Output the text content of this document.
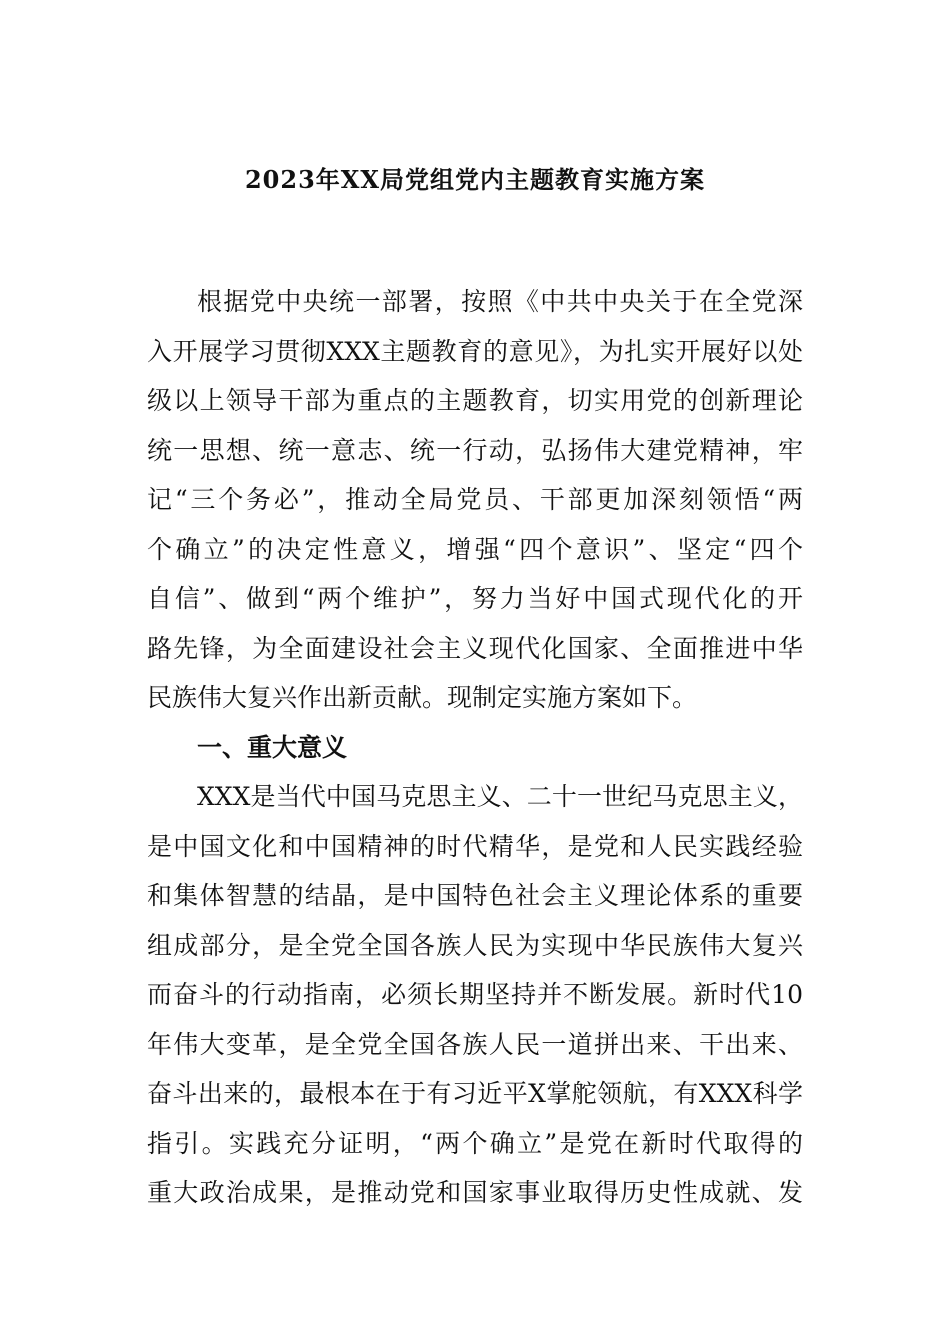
2023年XX局党组党内主题教育实施方案
根据党中央统一部署，按照《中共中央关于在全党深
入开展学习贯彻XXX主题教育的意见》，为扎实开展好以处
级以上领导干部为重点的主题教育，切实用党的创新理论
统一思想、统一意志、统一行动，弘扬伟大建党精神，牢
记“三个务必”，推动全局党员、干部更加深刻领悟“两
个确立”的决定性意义，增强“四个意识”、坚定“四个
自信”、做到“两个维护”，努力当好中国式现代化的开
路先锋，为全面建设社会主义现代化国家、全面推进中华
民族伟大复兴作出新贡献。现制定实施方案如下。
一、重大意义
XXX是当代中国马克思主义、二十一世纪马克思主义，
是中国文化和中国精神的时代精华，是党和人民实践经验
和集体智慧的结晶，是中国特色社会主义理论体系的重要
组成部分，是全党全国各族人民为实现中华民族伟大复兴
而奋斗的行动指南，必须长期坚持并不断发展。新时代10
年伟大变革，是全党全国各族人民一道拼出来、干出来、
奋斗出来的，最根本在于有习近平X掌舵领航，有XXX科学
指引。实践充分证明，“两个确立”是党在新时代取得的
重大政治成果，是推动党和国家事业取得历史性成就、发
